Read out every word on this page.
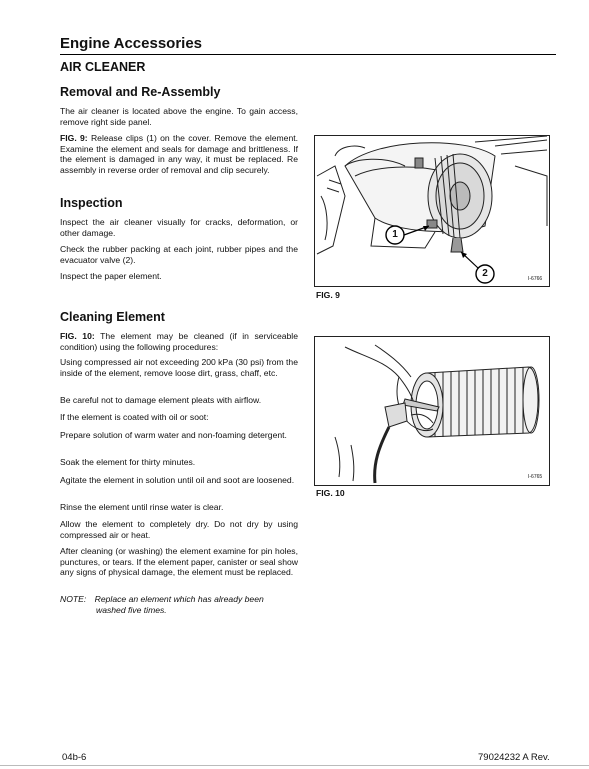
Engine Accessories
AIR CLEANER
Removal and Re-Assembly
The air cleaner is located above the engine. To gain access, remove right side panel.
FIG. 9: Release clips (1) on the cover. Remove the element. Examine the element and seals for damage and brittleness. If the element is damaged in any way, it must be replaced. Re assembly in reverse order of removal and clip securely.
Inspection
Inspect the air cleaner visually for cracks, deformation, or other damage.
Check the rubber packing at each joint, rubber pipes and the evacuator valve (2).
Inspect the paper element.
Cleaning Element
FIG. 10: The element may be cleaned (if in serviceable condition) using the following procedures:
Using compressed air not exceeding 200 kPa (30 psi) from the inside of the element, remove loose dirt, grass, chaff, etc.
Be careful not to damage element pleats with airflow.
If the element is coated with oil or soot:
Prepare solution of warm water and non-foaming detergent.
Soak the element for thirty minutes.
Agitate the element in solution until oil and soot are loosened.
Rinse the element until rinse water is clear.
Allow the element to completely dry. Do not dry by using compressed air or heat.
After cleaning (or washing) the element examine for pin holes, punctures, or tears. If the element paper, canister or seal show any signs of physical damage, the element must be replaced.
NOTE: Replace an element which has already been
washed five times.
1
2	I-6766
FIG. 9
I-6765
FIG. 10
04b-6	79024232 A Rev.
